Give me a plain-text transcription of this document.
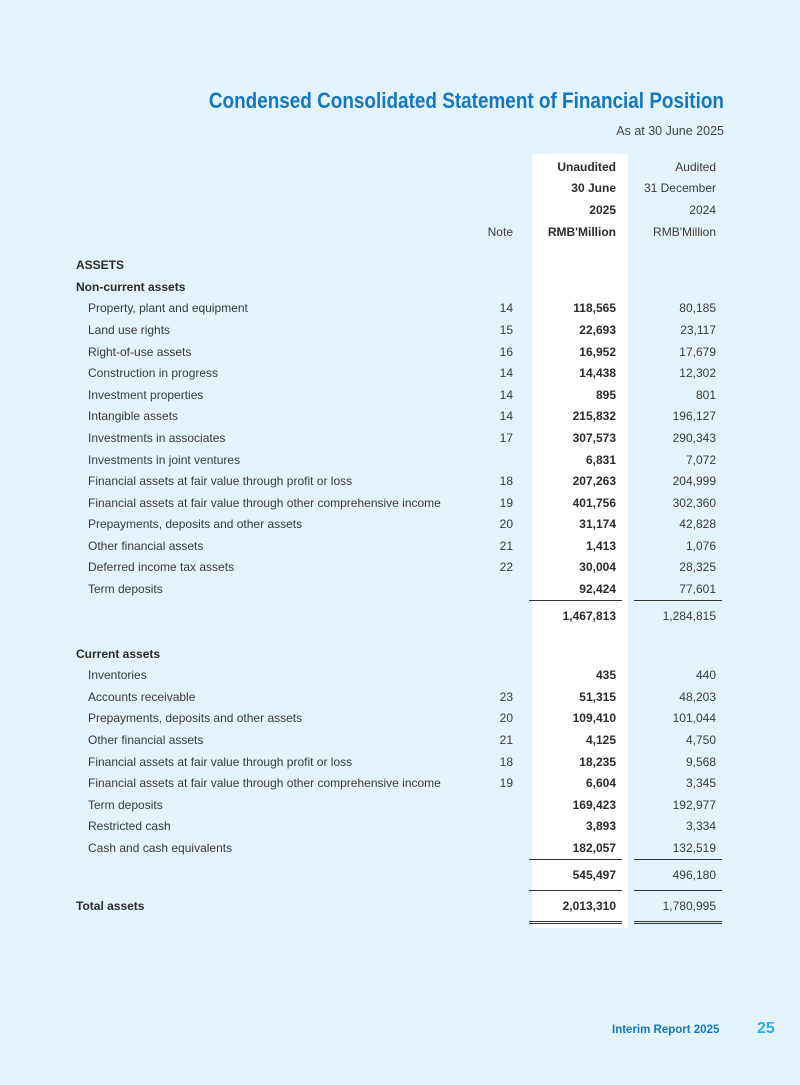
Condensed Consolidated Statement of Financial Position
As at 30 June 2025
			Unaudited		Audited
			30 June		31 December
			2025		2024
	Note		RMB'Million		RMB'Million

ASSETS					
Non-current assets					
Property, plant and equipment	14		118,565		80,185
Land use rights	15		22,693		23,117
Right-of-use assets	16		16,952		17,679
Construction in progress	14		14,438		12,302
Investment properties	14		895		801
Intangible assets	14		215,832		196,127
Investments in associates	17		307,573		290,343
Investments in joint ventures			6,831		7,072
Financial assets at fair value through profit or loss	18		207,263		204,999
Financial assets at fair value through other comprehensive income	19		401,756		302,360
Prepayments, deposits and other assets	20		31,174		42,828
Other financial assets	21		1,413		1,076
Deferred income tax assets	22		30,004		28,325
Term deposits			92,424		77,601
			1,467,813		1,284,815

Current assets					
Inventories			435		440
Accounts receivable	23		51,315		48,203
Prepayments, deposits and other assets	20		109,410		101,044
Other financial assets	21		4,125		4,750
Financial assets at fair value through profit or loss	18		18,235		9,568
Financial assets at fair value through other comprehensive income	19		6,604		3,345
Term deposits			169,423		192,977
Restricted cash			3,893		3,334
Cash and cash equivalents			182,057		132,519
			545,497		496,180
Total assets			2,013,310		1,780,995
Interim Report 2025 25
